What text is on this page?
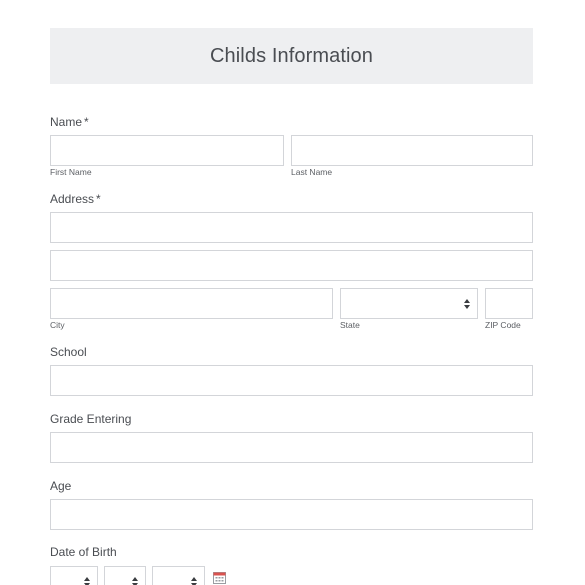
Childs Information
Name *
First Name	Last Name
Address *
City	State	ZIP Code
School
Grade Entering
Age
Date of Birth
